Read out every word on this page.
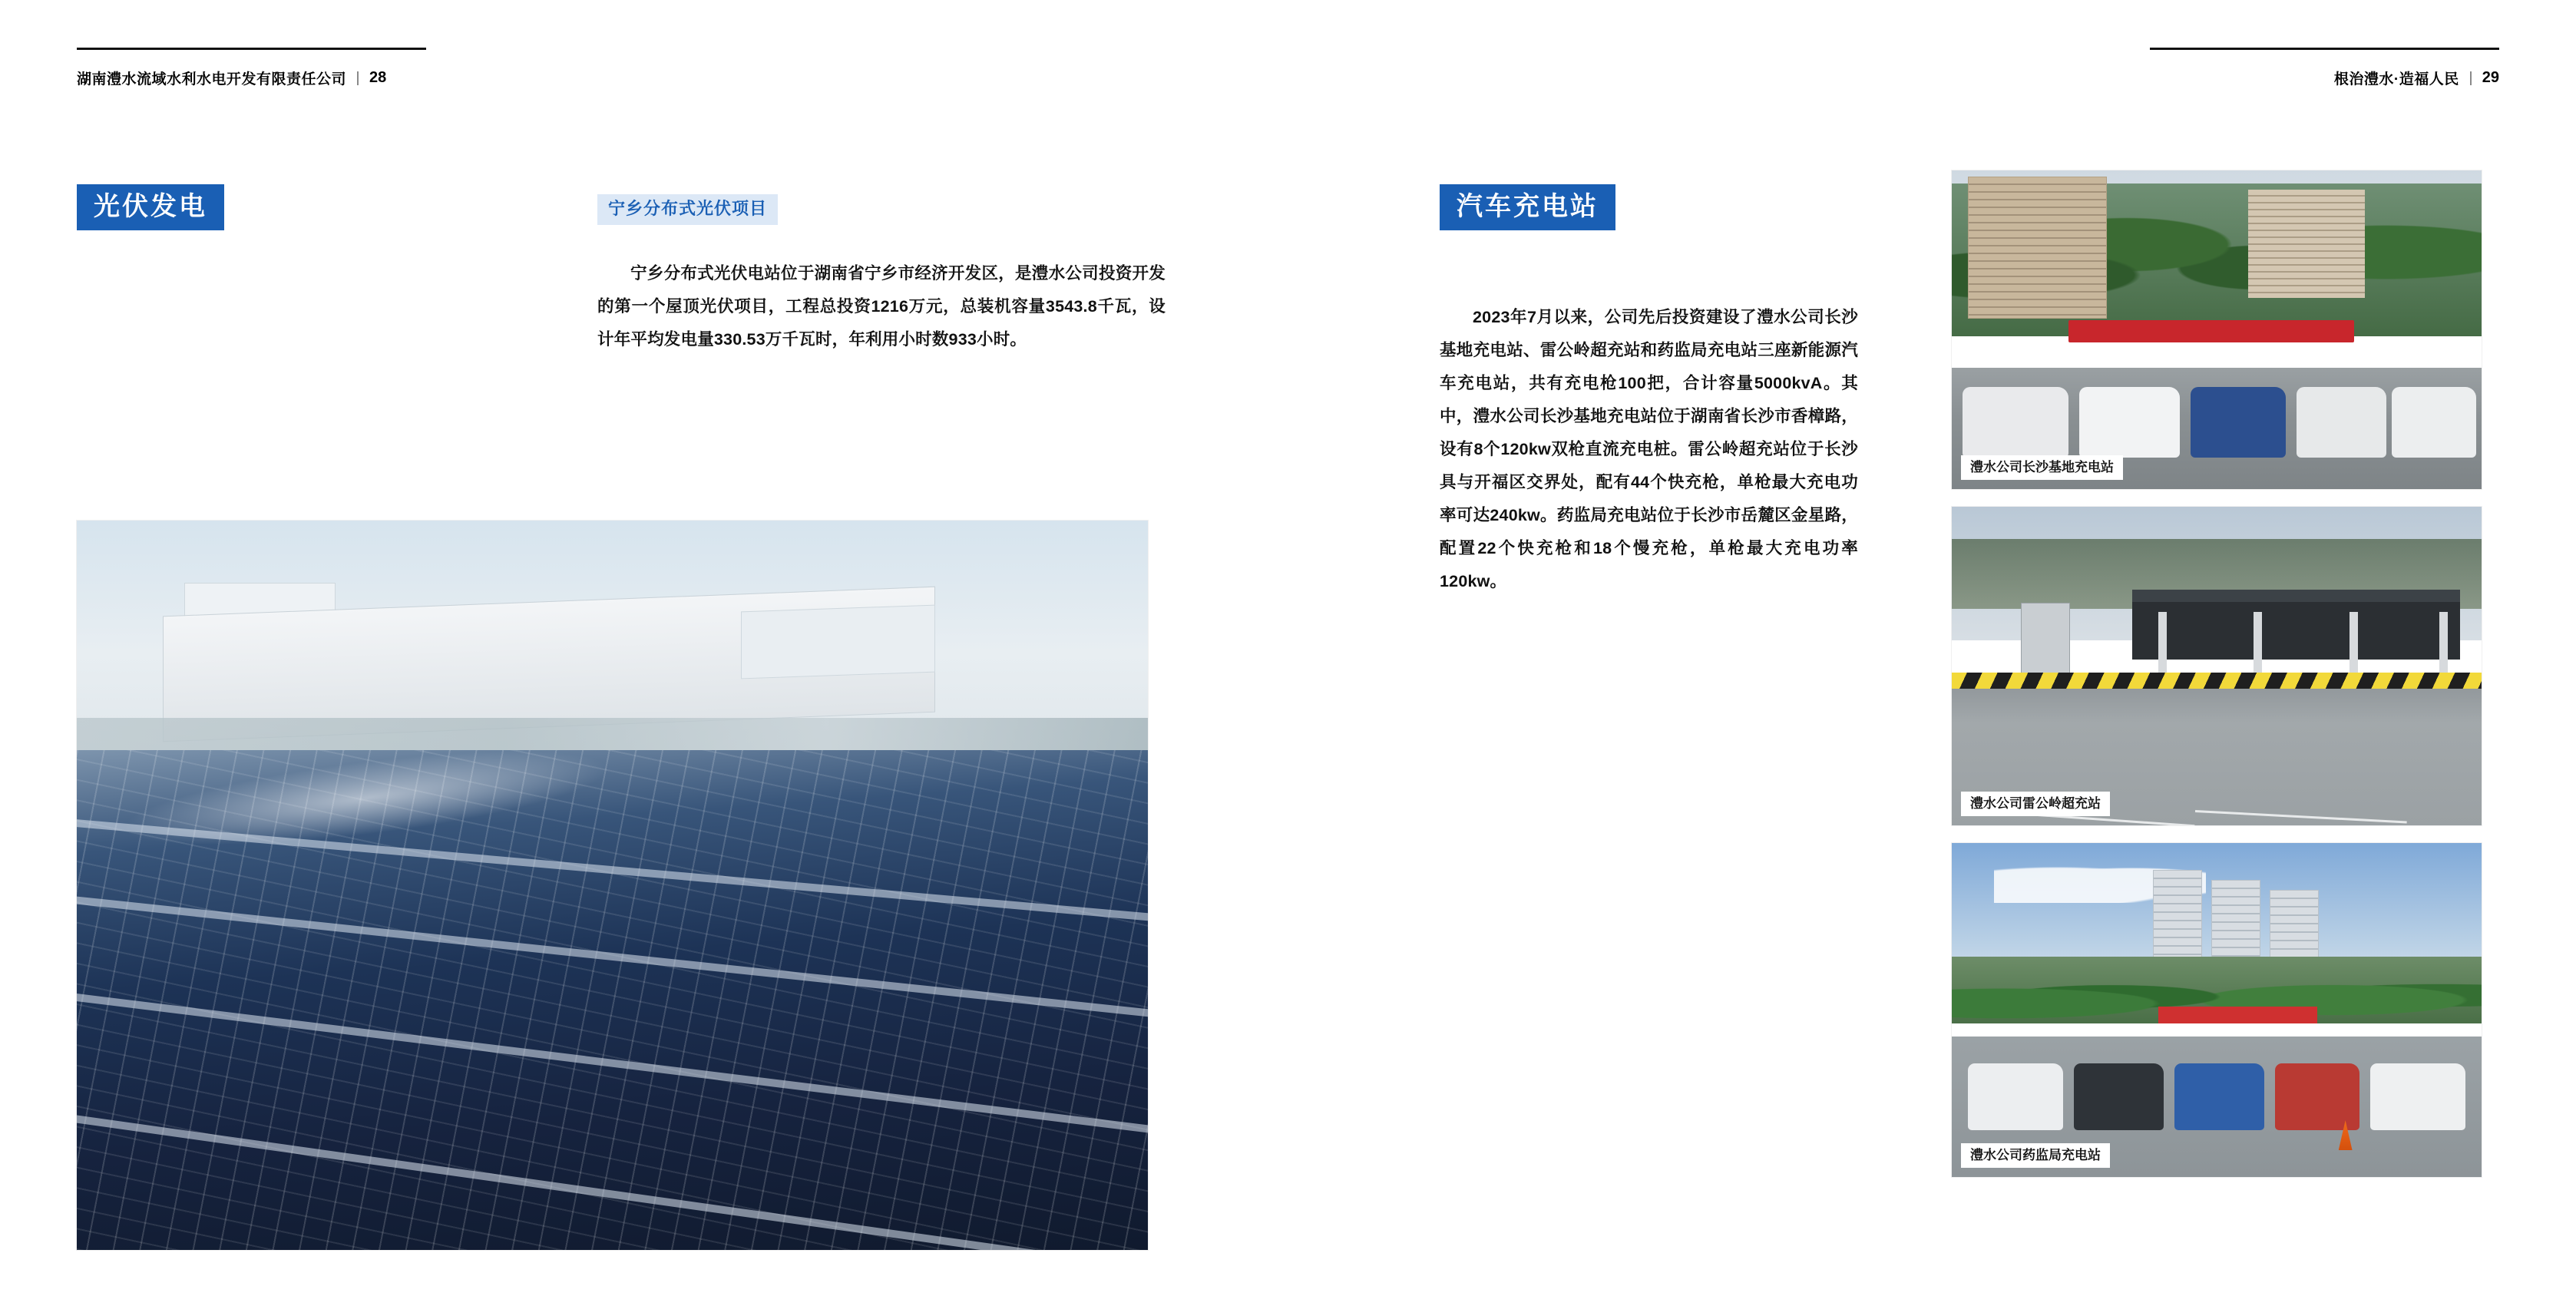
湖南澧水流域水利水电开发有限责任公司 28
光伏发电	宁乡分布式光伏项目
宁乡分布式光伏电站位于湖南省宁乡市经济开发区，是澧水公司投资开发的第一个屋顶光伏项目，工程总投资1216万元，总装机容量3543.8千瓦，设计年平均发电量330.53万千瓦时，年利用小时数933小时。
根治澧水·造福人民 29
汽车充电站
2023年7月以来，公司先后投资建设了澧水公司长沙基地充电站、雷公岭超充站和药监局充电站三座新能源汽车充电站，共有充电枪100把，合计容量5000kvA。其中，澧水公司长沙基地充电站位于湖南省长沙市香樟路，设有8个120kw双枪直流充电桩。雷公岭超充站位于长沙具与开福区交界处，配有44个快充枪，单枪最大充电功率可达240kw。药监局充电站位于长沙市岳麓区金星路，配置22个快充枪和18个慢充枪，单枪最大充电功率120kw。
澧水公司长沙基地充电站
澧水公司雷公岭超充站
澧水公司药监局充电站
